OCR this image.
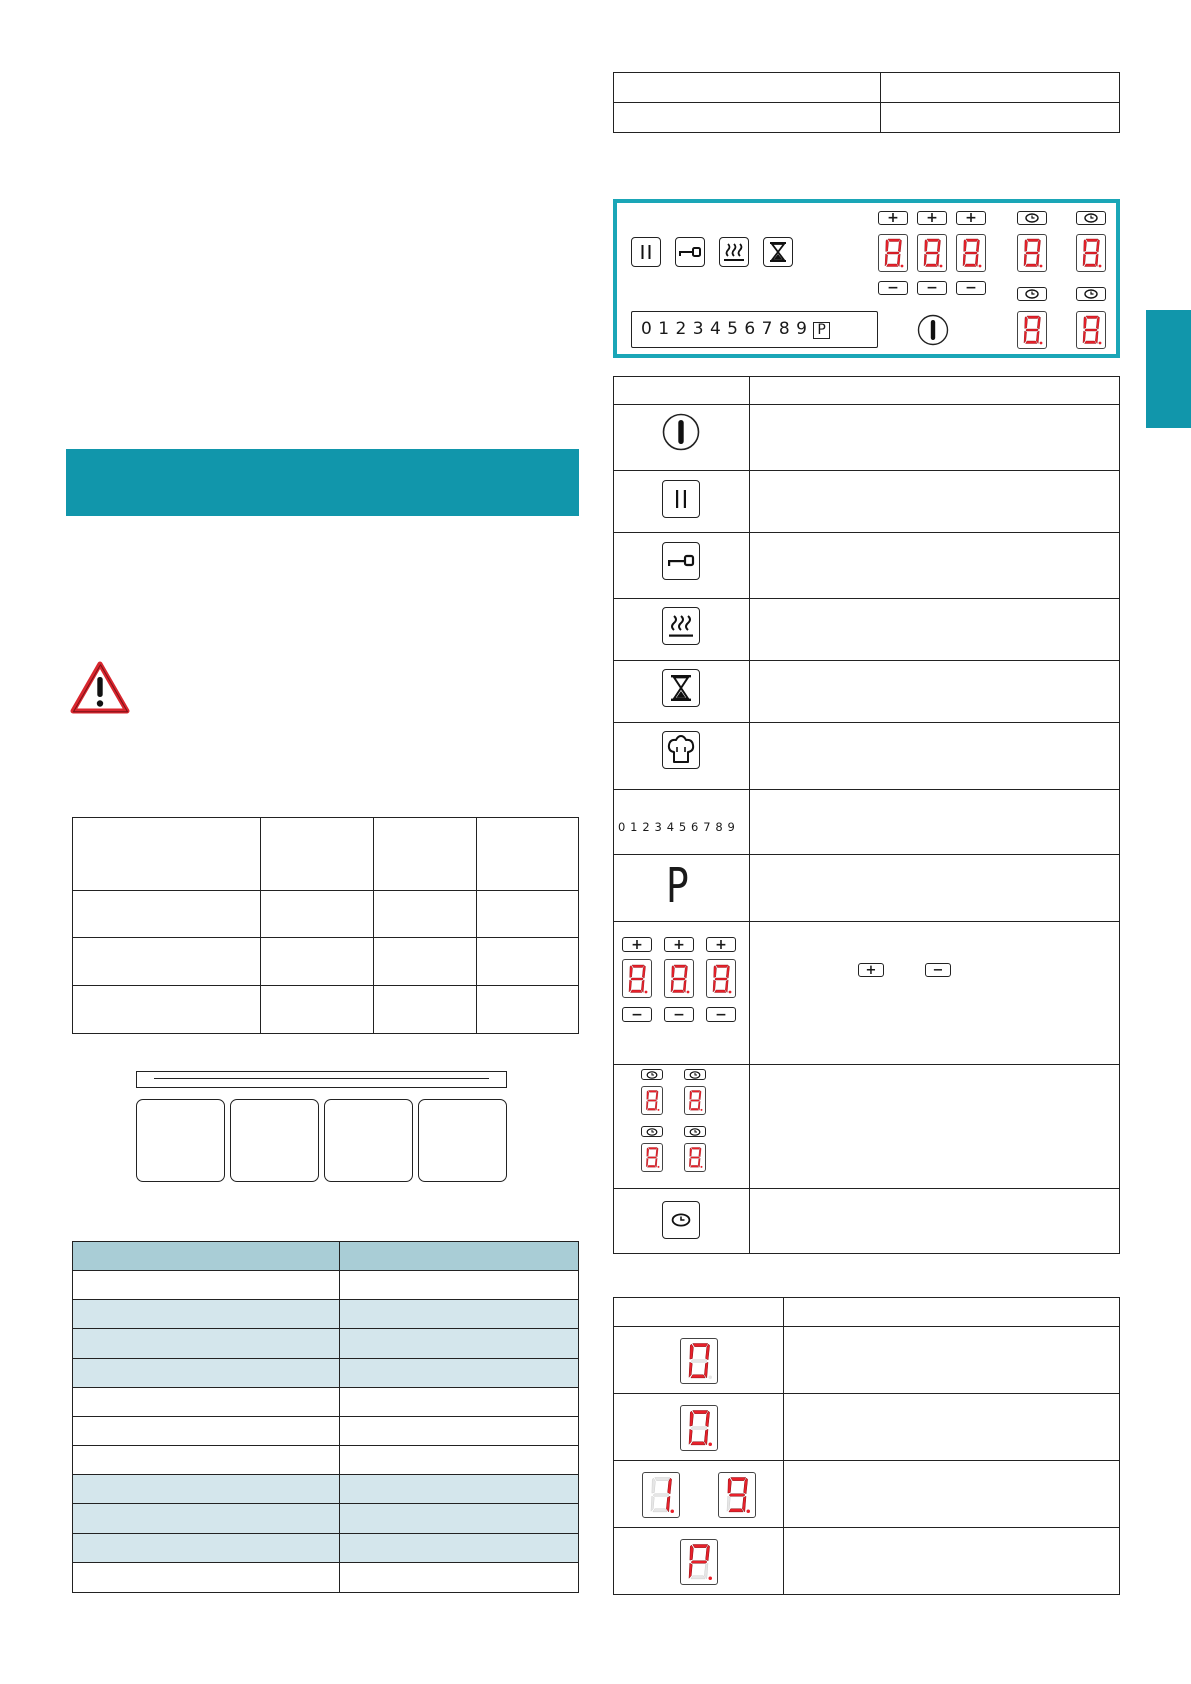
+	+	+
−	−	−
0 1 2 3 4 5 6 7 8 9 P

0 1 2 3 4 5 6 7 8 9
P
+	+	+
−	−	−
+	−
